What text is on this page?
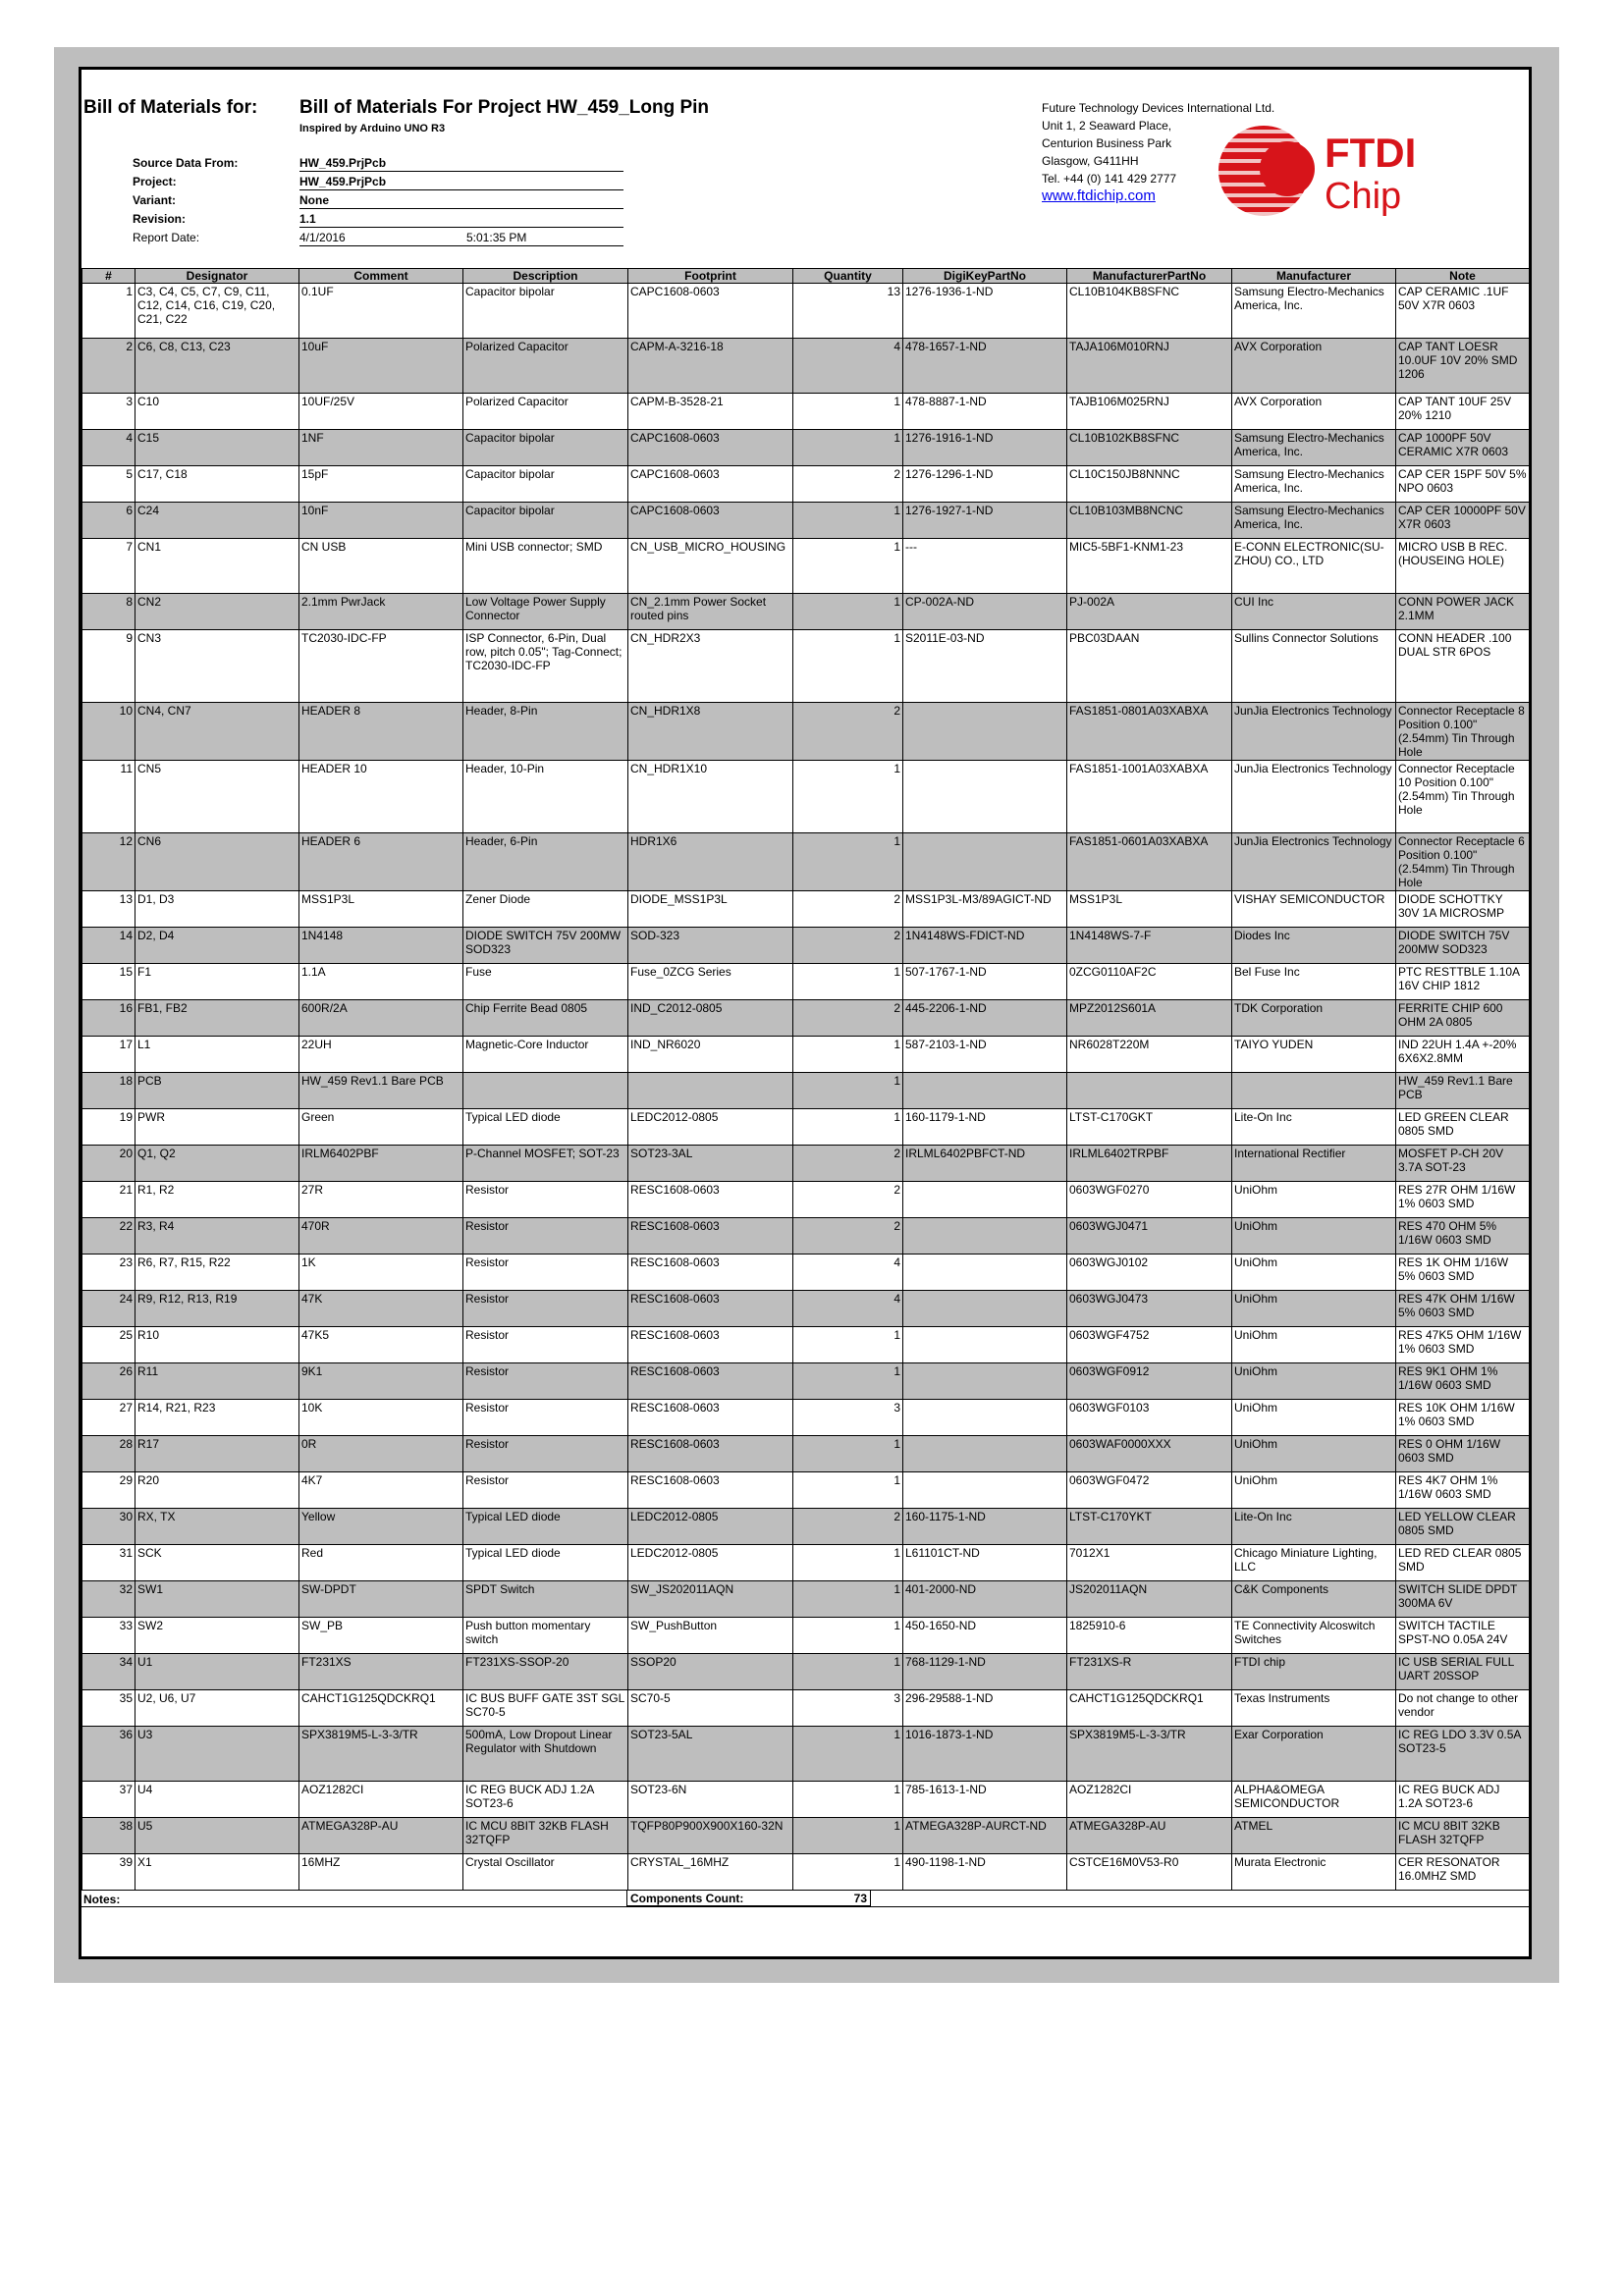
Bill of Materials for: Bill of Materials For Project HW_459_Long Pin
Inspired by Arduino UNO R3
Source Data From:	HW_459.PrjPcb
Project:	HW_459.PrjPcb
Variant:	None
Revision:	1.1
Report Date:	4/1/2016	5:01:35 PM
Future Technology Devices International Ltd.
Unit 1, 2 Seaward Place,
Centurion Business Park
Glasgow, G411HH
Tel. +44 (0) 141 429 2777
www.ftdichip.com
FTDI
Chip
#	Designator	Comment	Description	Footprint	Quantity	DigiKeyPartNo	ManufacturerPartNo	Manufacturer	Note
1	C3, C4, C5, C7, C9, C11, C12, C14, C16, C19, C20, C21, C22	0.1UF	Capacitor bipolar	CAPC1608-0603	13	1276-1936-1-ND	CL10B104KB8SFNC	Samsung Electro-Mechanics America, Inc.	CAP CERAMIC .1UF 50V X7R 0603
2	C6, C8, C13, C23	10uF	Polarized Capacitor	CAPM-A-3216-18	4	478-1657-1-ND	TAJA106M010RNJ	AVX Corporation	CAP TANT LOESR 10.0UF 10V 20% SMD 1206
3	C10	10UF/25V	Polarized Capacitor	CAPM-B-3528-21	1	478-8887-1-ND	TAJB106M025RNJ	AVX Corporation	CAP TANT 10UF 25V 20% 1210
4	C15	1NF	Capacitor bipolar	CAPC1608-0603	1	1276-1916-1-ND	CL10B102KB8SFNC	Samsung Electro-Mechanics America, Inc.	CAP 1000PF 50V CERAMIC X7R 0603
5	C17, C18	15pF	Capacitor bipolar	CAPC1608-0603	2	1276-1296-1-ND	CL10C150JB8NNNC	Samsung Electro-Mechanics America, Inc.	CAP CER 15PF 50V 5% NPO 0603
6	C24	10nF	Capacitor bipolar	CAPC1608-0603	1	1276-1927-1-ND	CL10B103MB8NCNC	Samsung Electro-Mechanics America, Inc.	CAP CER 10000PF 50V X7R 0603
7	CN1	CN USB	Mini USB connector; SMD	CN_USB_MICRO_HOUSING	1	---	MIC5-5BF1-KNM1-23	E-CONN ELECTRONIC(SU-ZHOU) CO., LTD	MICRO USB B REC. (HOUSEING HOLE)
8	CN2	2.1mm PwrJack	Low Voltage Power Supply Connector	CN_2.1mm Power Socket routed pins	1	CP-002A-ND	PJ-002A	CUI Inc	CONN POWER JACK 2.1MM
9	CN3	TC2030-IDC-FP	ISP Connector, 6-Pin, Dual row, pitch 0.05"; Tag-Connect; TC2030-IDC-FP	CN_HDR2X3	1	S2011E-03-ND	PBC03DAAN	Sullins Connector Solutions	CONN HEADER .100 DUAL STR 6POS
10	CN4, CN7	HEADER 8	Header, 8-Pin	CN_HDR1X8	2		FAS1851-0801A03XABXA	JunJia Electronics Technology	Connector Receptacle 8 Position 0.100" (2.54mm) Tin Through Hole
11	CN5	HEADER 10	Header, 10-Pin	CN_HDR1X10	1		FAS1851-1001A03XABXA	JunJia Electronics Technology	Connector Receptacle 10 Position 0.100" (2.54mm) Tin Through Hole
12	CN6	HEADER 6	Header, 6-Pin	HDR1X6	1		FAS1851-0601A03XABXA	JunJia Electronics Technology	Connector Receptacle 6 Position 0.100" (2.54mm) Tin Through Hole
13	D1, D3	MSS1P3L	Zener Diode	DIODE_MSS1P3L	2	MSS1P3L-M3/89AGICT-ND	MSS1P3L	VISHAY SEMICONDUCTOR	DIODE SCHOTTKY 30V 1A MICROSMP
14	D2, D4	1N4148	DIODE SWITCH 75V 200MW SOD323	SOD-323	2	1N4148WS-FDICT-ND	1N4148WS-7-F	Diodes Inc	DIODE SWITCH 75V 200MW SOD323
15	F1	1.1A	Fuse	Fuse_0ZCG Series	1	507-1767-1-ND	0ZCG0110AF2C	Bel Fuse Inc	PTC RESTTBLE 1.10A 16V CHIP 1812
16	FB1, FB2	600R/2A	Chip Ferrite Bead 0805	IND_C2012-0805	2	445-2206-1-ND	MPZ2012S601A	TDK Corporation	FERRITE CHIP 600 OHM 2A 0805
17	L1	22UH	Magnetic-Core Inductor	IND_NR6020	1	587-2103-1-ND	NR6028T220M	TAIYO YUDEN	IND 22UH 1.4A +-20% 6X6X2.8MM
18	PCB	HW_459 Rev1.1 Bare PCB			1				HW_459 Rev1.1 Bare PCB
19	PWR	Green	Typical LED diode	LEDC2012-0805	1	160-1179-1-ND	LTST-C170GKT	Lite-On Inc	LED GREEN CLEAR 0805 SMD
20	Q1, Q2	IRLM6402PBF	P-Channel MOSFET; SOT-23	SOT23-3AL	2	IRLML6402PBFCT-ND	IRLML6402TRPBF	International Rectifier	MOSFET P-CH 20V 3.7A SOT-23
21	R1, R2	27R	Resistor	RESC1608-0603	2		0603WGF0270	UniOhm	RES 27R OHM 1/16W 1% 0603 SMD
22	R3, R4	470R	Resistor	RESC1608-0603	2		0603WGJ0471	UniOhm	RES 470 OHM 5% 1/16W 0603 SMD
23	R6, R7, R15, R22	1K	Resistor	RESC1608-0603	4		0603WGJ0102	UniOhm	RES 1K OHM 1/16W 5% 0603 SMD
24	R9, R12, R13, R19	47K	Resistor	RESC1608-0603	4		0603WGJ0473	UniOhm	RES 47K OHM 1/16W 5% 0603 SMD
25	R10	47K5	Resistor	RESC1608-0603	1		0603WGF4752	UniOhm	RES 47K5 OHM 1/16W 1% 0603 SMD
26	R11	9K1	Resistor	RESC1608-0603	1		0603WGF0912	UniOhm	RES 9K1 OHM 1% 1/16W 0603 SMD
27	R14, R21, R23	10K	Resistor	RESC1608-0603	3		0603WGF0103	UniOhm	RES 10K OHM 1/16W 1% 0603 SMD
28	R17	0R	Resistor	RESC1608-0603	1		0603WAF0000XXX	UniOhm	RES 0 OHM 1/16W 0603 SMD
29	R20	4K7	Resistor	RESC1608-0603	1		0603WGF0472	UniOhm	RES 4K7 OHM 1% 1/16W 0603 SMD
30	RX, TX	Yellow	Typical LED diode	LEDC2012-0805	2	160-1175-1-ND	LTST-C170YKT	Lite-On Inc	LED YELLOW CLEAR 0805 SMD
31	SCK	Red	Typical LED diode	LEDC2012-0805	1	L61101CT-ND	7012X1	Chicago Miniature Lighting, LLC	LED RED CLEAR 0805 SMD
32	SW1	SW-DPDT	SPDT Switch	SW_JS202011AQN	1	401-2000-ND	JS202011AQN	C&K Components	SWITCH SLIDE DPDT 300MA 6V
33	SW2	SW_PB	Push button momentary switch	SW_PushButton	1	450-1650-ND	1825910-6	TE Connectivity Alcoswitch Switches	SWITCH TACTILE SPST-NO 0.05A 24V
34	U1	FT231XS	FT231XS-SSOP-20	SSOP20	1	768-1129-1-ND	FT231XS-R	FTDI chip	IC USB SERIAL FULL UART 20SSOP
35	U2, U6, U7	CAHCT1G125QDCKRQ1	IC BUS BUFF GATE 3ST SGL SC70-5	SC70-5	3	296-29588-1-ND	CAHCT1G125QDCKRQ1	Texas Instruments	Do not change to other vendor
36	U3	SPX3819M5-L-3-3/TR	500mA, Low Dropout Linear Regulator with Shutdown	SOT23-5AL	1	1016-1873-1-ND	SPX3819M5-L-3-3/TR	Exar Corporation	IC REG LDO 3.3V 0.5A SOT23-5
37	U4	AOZ1282CI	IC REG BUCK ADJ 1.2A SOT23-6	SOT23-6N	1	785-1613-1-ND	AOZ1282CI	ALPHA&OMEGA SEMICONDUCTOR	IC REG BUCK ADJ 1.2A SOT23-6
38	U5	ATMEGA328P-AU	IC MCU 8BIT 32KB FLASH 32TQFP	TQFP80P900X900X160-32N	1	ATMEGA328P-AURCT-ND	ATMEGA328P-AU	ATMEL	IC MCU 8BIT 32KB FLASH 32TQFP
39	X1	16MHZ	Crystal Oscillator	CRYSTAL_16MHZ	1	490-1198-1-ND	CSTCE16M0V53-R0	Murata Electronic	CER RESONATOR 16.0MHZ SMD
Notes:	Components Count:	73
